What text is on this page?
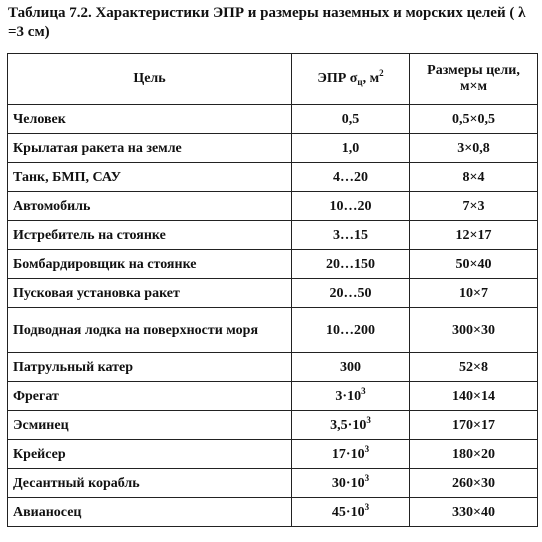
Таблица 7.2. Характеристики ЭПР и размеры наземных и морских целей ( λ =3 см)
Цель	ЭПР $\sigma_ц$, $м^2$	Размеры цели,
м×м
Человек	0,5	0,5×0,5
Крылатая ракета на земле	1,0	3×0,8
Танк, БМП, САУ	4…20	8×4
Автомобиль	10…20	7×3
Истребитель на стоянке	3…15	12×17
Бомбардировщик на стоянке	20…150	50×40
Пусковая установка ракет	20…50	10×7
Подводная лодка на поверхности моря	10…200	300×30
Патрульный катер	300	52×8
Фрегат	$3\cdot 10^3$	140×14
Эсминец	$3,5\cdot 10^3$	170×17
Крейсер	$17\cdot 10^3$	180×20
Десантный корабль	$30\cdot 10^3$	260×30
Авианосец	$45\cdot 10^3$	330×40
